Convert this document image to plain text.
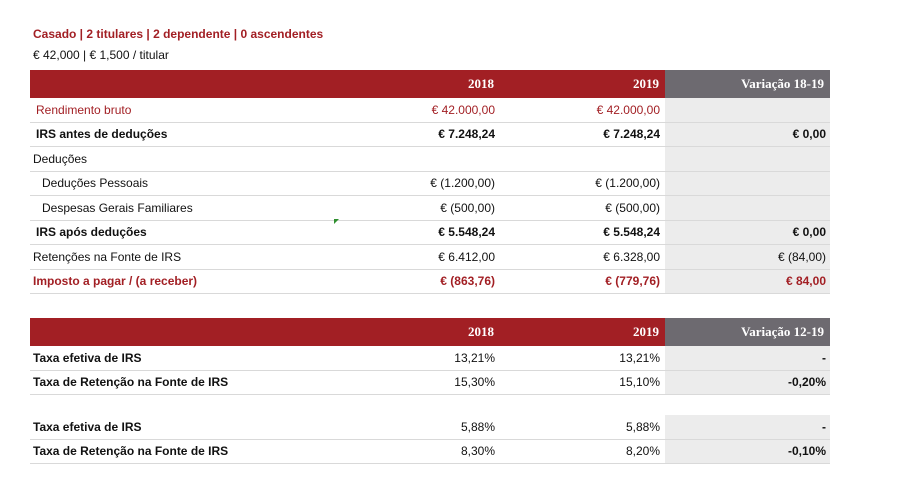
Casado | 2 titulares | 2 dependente | 0 ascendentes
€ 42,000 | € 1,500 / titular
	2018	2019	Variação 18-19
Rendimento bruto	€ 42.000,00	€ 42.000,00	
IRS antes de deduções	€ 7.248,24	€ 7.248,24	€ 0,00
Deduções			
Deduções Pessoais	€ (1.200,00)	€ (1.200,00)	
Despesas Gerais Familiares	€ (500,00)	€ (500,00)	
IRS após deduções	€ 5.548,24	€ 5.548,24	€ 0,00
Retenções na Fonte de IRS	€ 6.412,00	€ 6.328,00	€ (84,00)
Imposto a pagar / (a receber)	€ (863,76)	€ (779,76)	€ 84,00
	2018	2019	Variação 12-19
Taxa efetiva de IRS	13,21%	13,21%	-
Taxa de Retenção na Fonte de IRS	15,30%	15,10%	-0,20%
Taxa efetiva de IRS	5,88%	5,88%	-
Taxa de Retenção na Fonte de IRS	8,30%	8,20%	-0,10%
